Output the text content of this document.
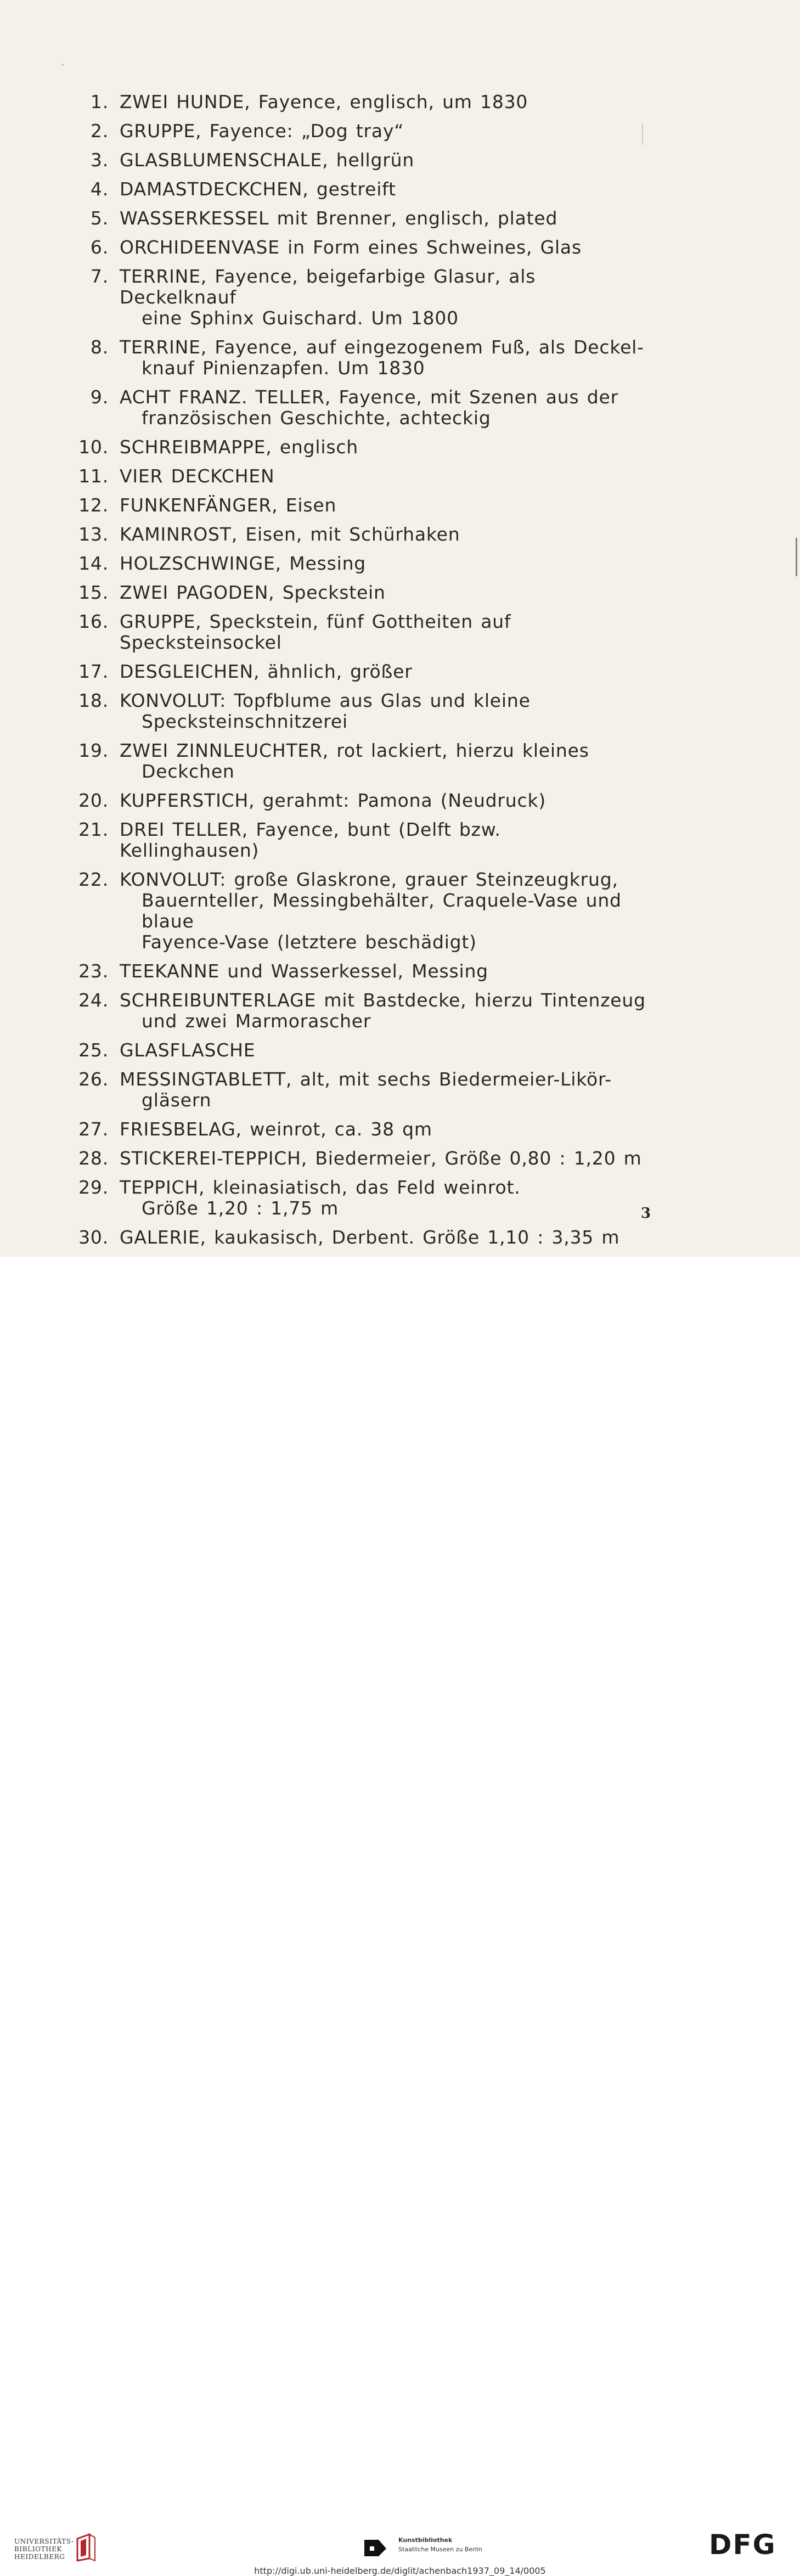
1. ZWEI HUNDE, Fayence, englisch, um 1830
2. GRUPPE, Fayence: „Dog tray“
3. GLASBLUMENSCHALE, hellgrün
4. DAMASTDECKCHEN, gestreift
5. WASSERKESSEL mit Brenner, englisch, plated
6. ORCHIDEENVASE in Form eines Schweines, Glas
7. TERRINE, Fayence, beigefarbige Glasur, als Deckelknauf
eine Sphinx Guischard. Um 1800
8. TERRINE, Fayence, auf eingezogenem Fuß, als Deckel-
knauf Pinienzapfen. Um 1830
9. ACHT FRANZ. TELLER, Fayence, mit Szenen aus der
französischen Geschichte, achteckig
10. SCHREIBMAPPE, englisch
11. VIER DECKCHEN
12. FUNKENFÄNGER, Eisen
13. KAMINROST, Eisen, mit Schürhaken
14. HOLZSCHWINGE, Messing
15. ZWEI PAGODEN, Speckstein
16. GRUPPE, Speckstein, fünf Gottheiten auf Specksteinsockel
17. DESGLEICHEN, ähnlich, größer
18. KONVOLUT: Topfblume aus Glas und kleine
Specksteinschnitzerei
19. ZWEI ZINNLEUCHTER, rot lackiert, hierzu kleines
Deckchen
20. KUPFERSTICH, gerahmt: Pamona (Neudruck)
21. DREI TELLER, Fayence, bunt (Delft bzw. Kellinghausen)
22. KONVOLUT: große Glaskrone, grauer Steinzeugkrug,
Bauernteller, Messingbehälter, Craquele-Vase und blaue
Fayence-Vase (letztere beschädigt)
23. TEEKANNE und Wasserkessel, Messing
24. SCHREIBUNTERLAGE mit Bastdecke, hierzu Tintenzeug
und zwei Marmorascher
25. GLASFLASCHE
26. MESSINGTABLETT, alt, mit sechs Biedermeier-Likör-
gläsern
27. FRIESBELAG, weinrot, ca. 38 qm
28. STICKEREI-TEPPICH, Biedermeier, Größe 0,80 : 1,20 m
29. TEPPICH, kleinasiatisch, das Feld weinrot.
Größe 1,20 : 1,75 m
30. GALERIE, kaukasisch, Derbent. Größe 1,10 : 3,35 m
3
UNIVERSITÄTS-
BIBLIOTHEK
HEIDELBERG
Kunstbibliothek
Staatliche Museen zu Berlin	DFG
http://digi.ub.uni-heidelberg.de/diglit/achenbach1937_09_14/0005
